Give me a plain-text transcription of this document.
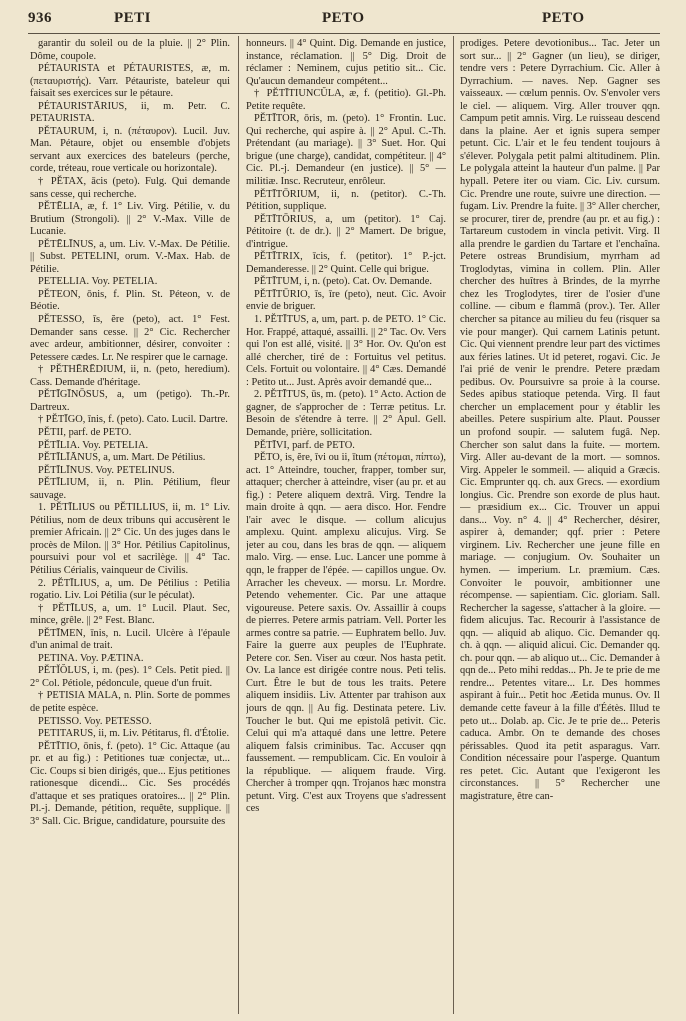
936	PETI	PETO	PETO

garantir du soleil ou de la pluie. || 2° Plin. Dôme, coupole.

PÉTAURISTA et PÉTAURISTES, æ, m. (πεταυριστής). Varr. Pétauriste, bateleur qui faisait ses exercices sur le pétaure.

PÉTAURISTĀRIUS, ii, m. Petr. C. PETAURISTA.

PĔTAURUM, i, n. (πέταυρον). Lucil. Juv. Man. Pétaure, objet ou ensemble d'objets servant aux exercices des bateleurs (perche, corde, tréteau, roue verticale ou horizontale).

† PĔTAX, ācis (peto). Fulg. Qui demande sans cesse, qui recherche.

PĔTĒLIA, æ, f. 1° Liv. Virg. Pétilie, v. du Brutium (Strongoli). || 2° V.-Max. Ville de Lucanie.

PĔTĒLĪNUS, a, um. Liv. V.-Max. De Pétilie. || Subst. PETELINI, orum. V.-Max. Hab. de Pétilie.

PETELLIA. Voy. PETELIA.

PĔTEON, ōnis, f. Plin. St. Péteon, v. de Béotie.

PĔTESSO, īs, ĕre (peto), act. 1° Fest. Demander sans cesse. || 2° Cic. Rechercher avec ardeur, ambitionner, désirer, convoiter : Petessere cædes. Lr. Ne respirer que le carnage.

† PĔTHĒRĒDIUM, ii, n. (peto, heredium). Cass. Demande d'héritage.

PĔTĪGĪNŌSUS, a, um (petigo). Th.-Pr. Dartreux.

† PĔTĪGO, īnis, f. (peto). Cato. Lucil. Dartre.

PĔTII, parf. de PETO.

PĔTĪLIA. Voy. PETELIA.

PĔTĪLĪĀNUS, a, um. Mart. De Pétilius.

PĔTĪLĪNUS. Voy. PETELINUS.

PĔTĪLIUM, ii, n. Plin. Pétilium, fleur sauvage.

1. PĔTĪLIUS ou PĔTILLIUS, ii, m. 1° Liv. Pétilius, nom de deux tribuns qui accusèrent le premier Africain. || 2° Cic. Un des juges dans le procès de Milon. || 3° Hor. Pétilius Capitolinus, poursuivi pour vol et sacrilège. || 4° Tac. Pétilius Cérialis, vainqueur de Civilis.

2. PĔTĪLIUS, a, um. De Pétilius : Petilia rogatio. Liv. Loi Pétilia (sur le péculat).

† PĔTĪLUS, a, um. 1° Lucil. Plaut. Sec, mince, grêle. || 2° Fest. Blanc.

PĔTĪMEN, īnis, n. Lucil. Ulcère à l'épaule d'un animal de trait.

PETINA. Voy. PÆTINA.

PĔTĬŎLUS, i, m. (pes). 1° Cels. Petit pied. || 2° Col. Pétiole, pédoncule, queue d'un fruit.

† PETISIA MALA, n. Plin. Sorte de pommes de petite espèce.

PETISSO. Voy. PETESSO.

PETITARUS, ii, m. Liv. Pétitarus, fl. d'Étolie.

PĔTĪTIO, ōnis, f. (peto). 1° Cic. Attaque (au pr. et au fig.) : Petitiones tuæ conjectæ, ut... Cic. Coups si bien dirigés, que... Ejus petitiones rationesque dicendi... Cic. Ses procédés d'attaque et ses pratiques oratoires... || 2° Plin. Pl.-j. Demande, pétition, requête, supplique. || 3° Sall. Cic. Brigue, candidature, poursuite des

honneurs. || 4° Quint. Dig. Demande en justice, instance, réclamation. || 5° Dig. Droit de réclamer : Neminem, cujus petitio sit... Cic. Qu'aucun demandeur compétent...

† PĔTĪTIUNCŬLA, æ, f. (petitio). Gl.-Ph. Petite requête.

PĔTĪTOR, ōris, m. (peto). 1° Frontin. Luc. Qui recherche, qui aspire à. || 2° Apul. C.-Th. Prétendant (au mariage). || 3° Suet. Hor. Qui brigue (une charge), candidat, compétiteur. || 4° Cic. Pl.-j. Demandeur (en justice). || 5° — militiæ. Insc. Recruteur, enrôleur.

PĔTĪTŌRIUM, ii, n. (petitor). C.-Th. Pétition, supplique.

PĔTĪTŌRIUS, a, um (petitor). 1° Caj. Pétitoire (t. de dr.). || 2° Mamert. De brigue, d'intrigue.

PĔTĪTRIX, īcis, f. (petitor). 1° P.-jct. Demanderesse. || 2° Quint. Celle qui brigue.

PĔTĪTUM, i, n. (peto). Cat. Ov. Demande.

PĔTĪTŪRIO, īs, īre (peto), neut. Cic. Avoir envie de briguer.

1. PĔTĪTUS, a, um, part. p. de PETO. 1° Cic. Hor. Frappé, attaqué, assailli. || 2° Tac. Ov. Vers qui l'on est allé, visité. || 3° Hor. Ov. Qu'on est allé chercher, tiré de : Fortuitus vel petitus. Cels. Fortuit ou volontaire. || 4° Cæs. Demandé : Petito ut... Just. Après avoir demandé que...

2. PĔTĪTUS, ūs, m. (peto). 1° Acto. Action de gagner, de s'approcher de : Terræ petitus. Lr. Besoin de s'étendre à terre. || 2° Apul. Gell. Demande, prière, sollicitation.

PĔTĪVI, parf. de PETO.

PĔTO, is, ĕre, īvi ou ii, ītum (πέτομαι, πίπτω), act. 1° Atteindre, toucher, frapper, tomber sur, attaquer; chercher à atteindre, viser (au pr. et au fig.) : Petere aliquem dextrâ. Virg. Tendre la main droite à qqn. — aera disco. Hor. Fendre l'air avec le disque. — collum alicujus amplexu. Quint. amplexu alicujus. Virg. Se jeter au cou, dans les bras de qqn. — aliquem malo. Virg. — ense. Luc. Lancer une pomme à qqn, le frapper de l'épée. — capillos ungue. Ov. Arracher les cheveux. — morsu. Lr. Mordre. Petendo vehementer. Cic. Par une attaque vigoureuse. Petere saxis. Ov. Assaillir à coups de pierres. Petere armis patriam. Vell. Porter les armes contre sa patrie. — Euphratem bello. Juv. Faire la guerre aux peuples de l'Euphrate. Petere cor. Sen. Viser au cœur. Nos hasta petit. Ov. La lance est dirigée contre nous. Peti telis. Curt. Être le but de tous les traits. Petere aliquem insidiis. Liv. Attenter par trahison aux jours de qqn. || Au fig. Destinata petere. Liv. Toucher le but. Qui me epistolâ petivit. Cic. Celui qui m'a attaqué dans une lettre. Petere aliquem falsis criminibus. Tac. Accuser qqn faussement. — rempublicam. Cic. En vouloir à la république. — aliquem fraude. Virg. Chercher à tromper qqn. Trojanos hæc monstra petunt. Virg. C'est aux Troyens que s'adressent ces

prodiges. Petere devotionibus... Tac. Jeter un sort sur... || 2° Gagner (un lieu), se diriger, tendre vers : Petere Dyrrachium. Cic. Aller à Dyrrachium. — naves. Nep. Gagner ses vaisseaux. — cœlum pennis. Ov. S'envoler vers le ciel. — aliquem. Virg. Aller trouver qqn. Campum petit amnis. Virg. Le ruisseau descend dans la plaine. Aer et ignis supera semper petunt. Cic. L'air et le feu tendent toujours à s'élever. Polygala petit palmi altitudinem. Plin. Le polygala atteint la hauteur d'un palme. || Par hypall. Petere iter ou viam. Cic. Liv. cursum. Cic. Prendre une route, suivre une direction. — fugam. Liv. Prendre la fuite. || 3° Aller chercher, se procurer, tirer de, prendre (au pr. et au fig.) : Tartareum custodem in vincla petivit. Virg. Il alla prendre le gardien du Tartare et l'enchaîna. Petere ostreas Brundisium, myrrham ad Troglodytas, vimina in collem. Plin. Aller chercher des huîtres à Brindes, de la myrrhe chez les Troglodytes, tirer de l'osier d'une colline. — cibum e flammâ (prov.). Ter. Aller chercher sa pitance au milieu du feu (risquer sa vie pour manger). Qui carnem Latinis petunt. Cic. Qui viennent prendre leur part des victimes aux féries latines. Ut id peteret, rogavi. Cic. Je l'ai prié de venir le prendre. Petere prædam pedibus. Ov. Poursuivre sa proie à la course. Sedes apibus statioque petenda. Virg. Il faut chercher un emplacement pour y établir les abeilles. Petere suspirium alte. Plaut. Pousser un profond soupir. — salutem fugâ. Nep. Chercher son salut dans la fuite. — mortem. Virg. Aller au-devant de la mort. — somnos. Virg. Appeler le sommeil. — aliquid a Græcis. Cic. Emprunter qq. ch. aux Grecs. — exordium longius. Cic. Prendre son exorde de plus haut. — præsidium ex... Cic. Trouver un appui dans... Voy. n° 4. || 4° Rechercher, désirer, aspirer à, demander; qqf. prier : Petere virginem. Liv. Rechercher une jeune fille en mariage. — conjugium. Ov. Souhaiter un hymen. — imperium. Lr. præmium. Cæs. Convoiter le pouvoir, ambitionner une récompense. — sapientiam. Cic. gloriam. Sall. Rechercher la sagesse, s'attacher à la gloire. — fidem alicujus. Tac. Recourir à l'assistance de qqn. — aliquid ab aliquo. Cic. Demander qq. ch. à qqn. — aliquid alicui. Cic. Demander qq. ch. pour qqn. — ab aliquo ut... Cic. Demander à qqn de... Peto mihi reddas... Ph. Je te prie de me rendre... Petentes vitare... Lr. Des hommes aspirant à fuir... Petit hoc Æetida munus. Ov. Il demande cette faveur à la fille d'Éétès. Illud te peto ut... Dolab. ap. Cic. Je te prie de... Peteris caduca. Ambr. On te demande des choses périssables. Quod ita petit asparagus. Varr. Condition nécessaire pour l'asperge. Quantum res petet. Cic. Autant que l'exigeront les circonstances. || 5° Rechercher une magistrature, être can-
